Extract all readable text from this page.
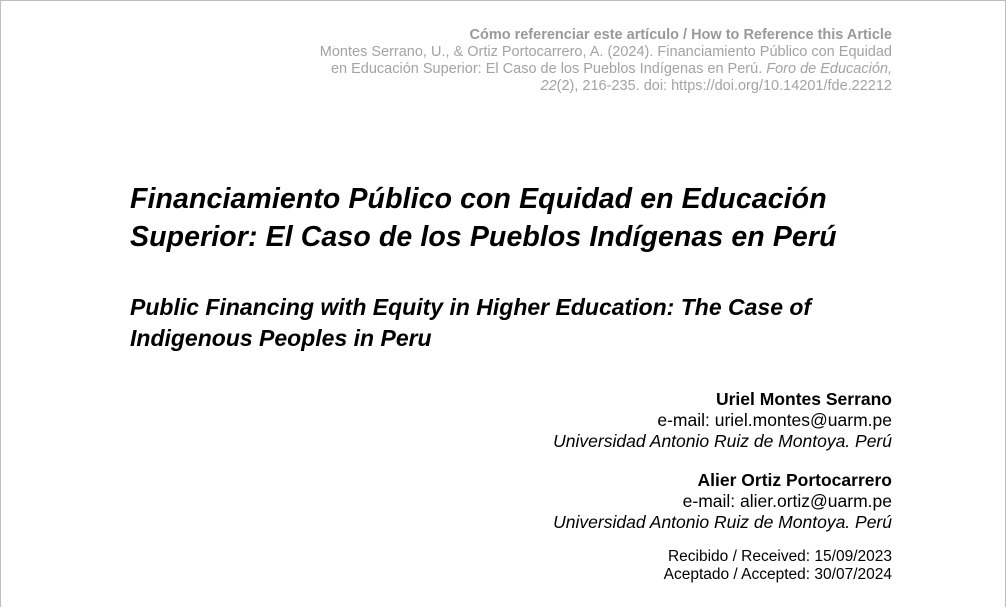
Cómo referenciar este artículo / How to Reference this Article
Montes Serrano, U., & Ortiz Portocarrero, A. (2024). Financiamiento Público con Equidad
en Educación Superior: El Caso de los Pueblos Indígenas en Perú. Foro de Educación,
22(2), 216-235. doi: https://doi.org/10.14201/fde.22212
Financiamiento Público con Equidad en Educación Superior: El Caso de los Pueblos Indígenas en Perú
Public Financing with Equity in Higher Education: The Case of Indigenous Peoples in Peru
Uriel Montes Serrano
e-mail: uriel.montes@uarm.pe
Universidad Antonio Ruiz de Montoya. Perú
Alier Ortiz Portocarrero
e-mail: alier.ortiz@uarm.pe
Universidad Antonio Ruiz de Montoya. Perú
Recibido / Received: 15/09/2023
Aceptado / Accepted: 30/07/2024
